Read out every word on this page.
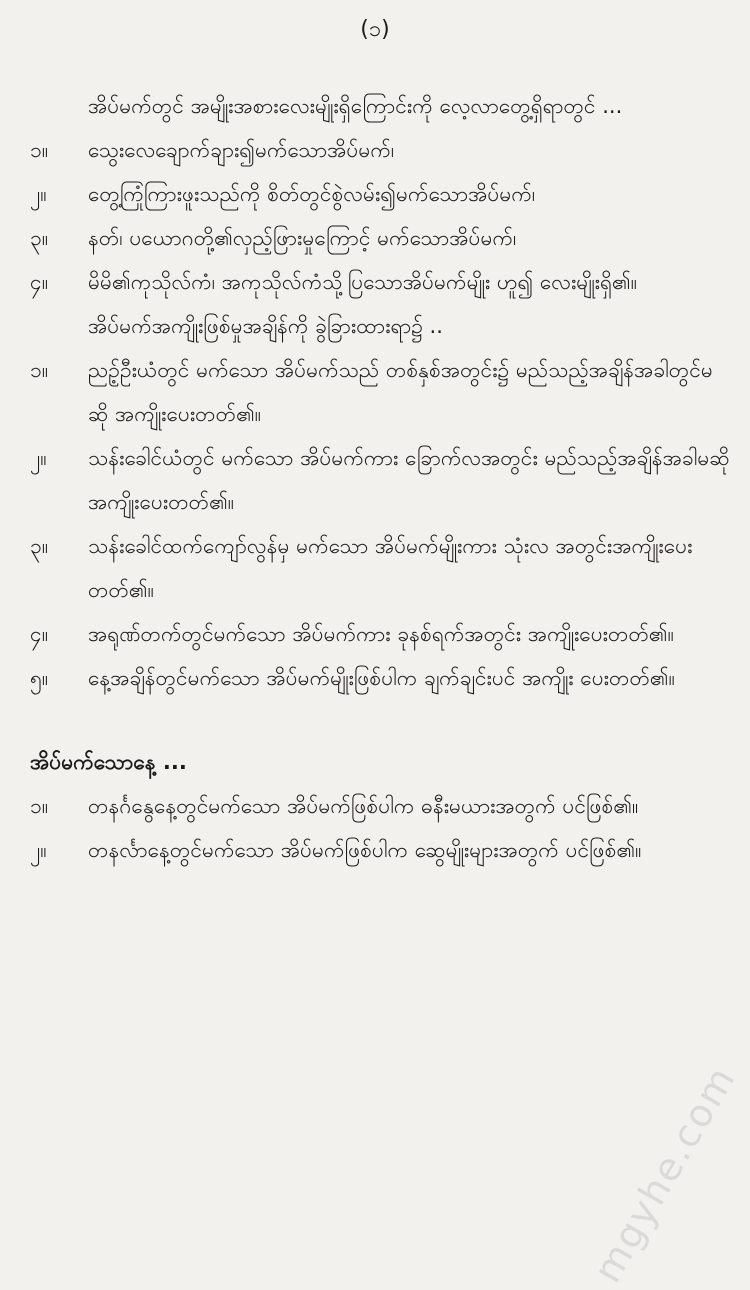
(၁)

အိပ်မက်တွင် အမျိုးအစားလေးမျိုးရှိကြောင်းကို လေ့လာတွေ့ရှိရာတွင် ...

၁။	သွေးလေချောက်ချား၍မက်သောအိပ်မက်၊
၂။	တွေ့ကြုံကြားဖူးသည်ကို စိတ်တွင်စွဲလမ်း၍မက်သောအိပ်မက်၊
၃။	နတ်၊ ပယောဂတို့၏လှည့်ဖြားမှုကြောင့် မက်သောအိပ်မက်၊
၄။	မိမိ၏ကုသိုလ်ကံ၊ အကုသိုလ်ကံသို့ပြသောအိပ်မက်မျိုး ဟူ၍ လေးမျိုးရှိ၏။

အိပ်မက်အကျိုးဖြစ်မှုအချိန်ကို ခွဲခြားထားရာ၌ ..

၁။	ညဥ့်ဦးယံတွင် မက်သော အိပ်မက်သည် တစ်နှစ်အတွင်း၌ မည်သည့်အချိန်အခါတွင်မဆို အကျိုးပေးတတ်၏။
၂။	သန်းခေါင်ယံတွင် မက်သော အိပ်မက်ကား ခြောက်လအတွင်း မည်သည့်အချိန်အခါမဆို အကျိုးပေးတတ်၏။
၃။	သန်းခေါင်ထက်ကျော်လွန်မှ မက်သော အိပ်မက်မျိုးကား သုံးလ အတွင်းအကျိုးပေးတတ်၏။
၄။	အရုဏ်တက်တွင်မက်သော အိပ်မက်ကား ခုနစ်ရက်အတွင်း အကျိုးပေးတတ်၏။
၅။	နေ့အချိန်တွင်မက်သော အိပ်မက်မျိုးဖြစ်ပါက ချက်ချင်းပင် အကျိုး ပေးတတ်၏။

အိပ်မက်သောနေ့ ...

၁။	တနင်္ဂနွေနေ့တွင်မက်သော အိပ်မက်ဖြစ်ပါက ဓနီးမယားအတွက် ပင်ဖြစ်၏။
၂။	တနင်္လာနေ့တွင်မက်သော အိပ်မက်ဖြစ်ပါက ဆွေမျိုးများအတွက် ပင်ဖြစ်၏။
mgyhe.com
